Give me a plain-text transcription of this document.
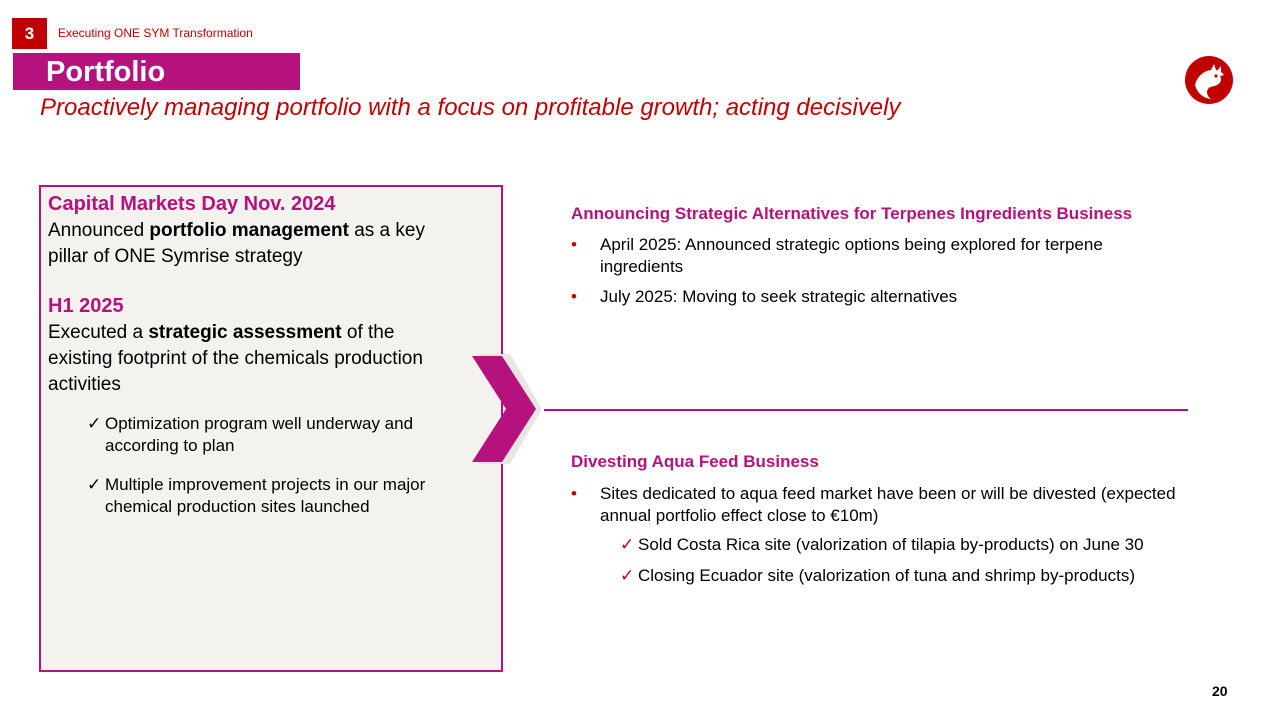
3	Executing ONE SYM Transformation
Portfolio
Proactively managing portfolio with a focus on profitable growth; acting decisively
Capital Markets Day Nov. 2024
Announced portfolio management as a key pillar of ONE Symrise strategy
H1 2025
Executed a strategic assessment of the existing footprint of the chemicals production activities
✓ Optimization program well underway and according to plan
✓ Multiple improvement projects in our major chemical production sites launched
Announcing Strategic Alternatives for Terpenes Ingredients Business
• April 2025: Announced strategic options being explored for terpene ingredients
• July 2025: Moving to seek strategic alternatives
Divesting Aqua Feed Business
• Sites dedicated to aqua feed market have been or will be divested (expected annual portfolio effect close to €10m)
✓ Sold Costa Rica site (valorization of tilapia by-products) on June 30
✓ Closing Ecuador site (valorization of tuna and shrimp by-products)
20
